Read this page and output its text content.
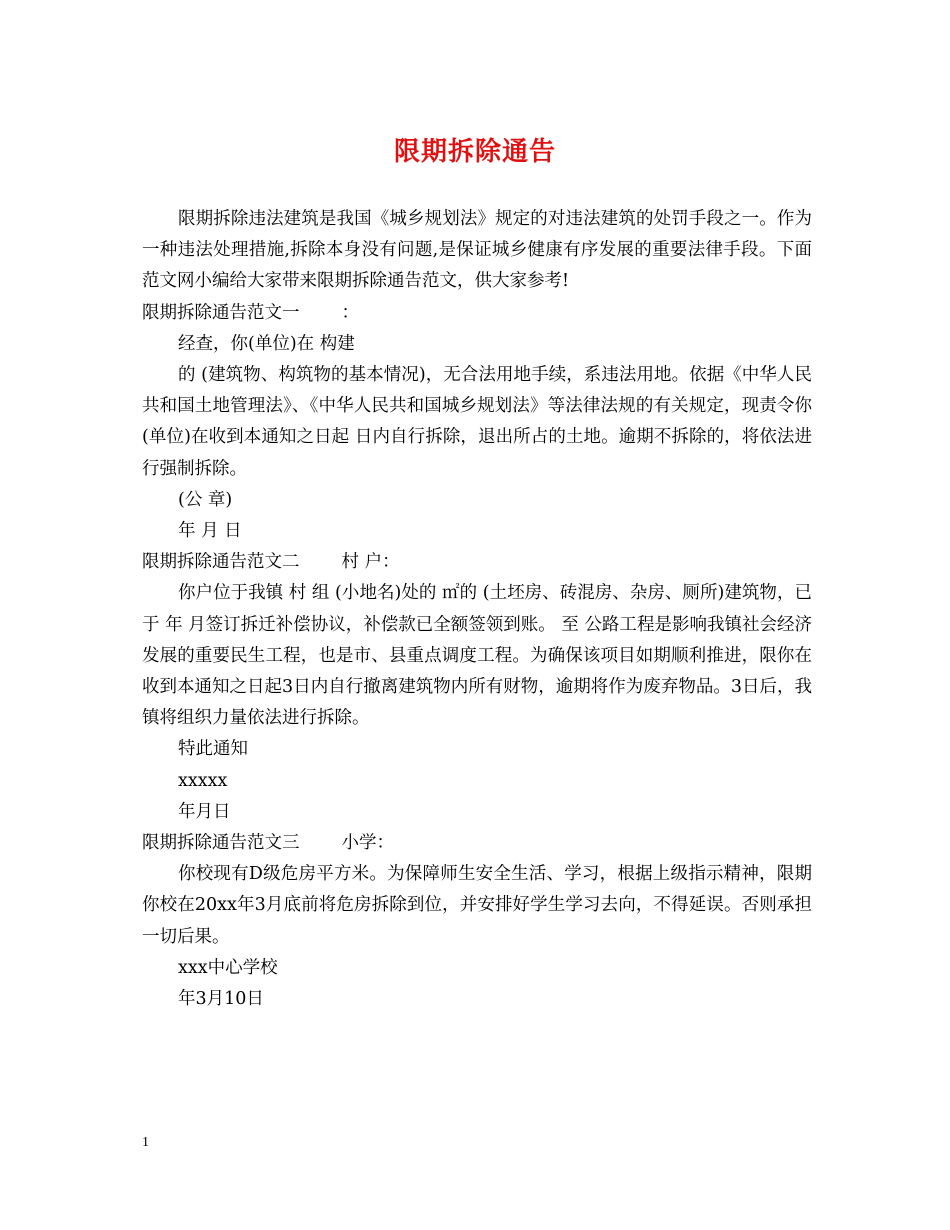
限期拆除通告

限期拆除违法建筑是我国《城乡规划法》规定的对违法建筑的处罚手段之一。作为一种违法处理措施,拆除本身没有问题,是保证城乡健康有序发展的重要法律手段。下面范文网小编给大家带来限期拆除通告范文，供大家参考!

限期拆除通告范文一 ：

经查，你(单位)在 构建

的 (建筑物、构筑物的基本情况)，无合法用地手续，系违法用地。依据《中华人民共和国土地管理法》、《中华人民共和国城乡规划法》等法律法规的有关规定，现责令你(单位)在收到本通知之日起 日内自行拆除，退出所占的土地。逾期不拆除的，将依法进行强制拆除。

(公 章)

年 月 日

限期拆除通告范文二 村 户：

你户位于我镇 村 组 (小地名)处的 ㎡的 (土坯房、砖混房、杂房、厕所)建筑物，已于 年 月签订拆迁补偿协议，补偿款已全额签领到账。 至 公路工程是影响我镇社会经济发展的重要民生工程，也是市、县重点调度工程。为确保该项目如期顺利推进，限你在收到本通知之日起3日内自行撤离建筑物内所有财物，逾期将作为废弃物品。3日后，我镇将组织力量依法进行拆除。

特此通知

xxxxx

年月日

限期拆除通告范文三 小学：

你校现有D级危房平方米。为保障师生安全生活、学习，根据上级指示精神，限期你校在20xx年3月底前将危房拆除到位，并安排好学生学习去向，不得延误。否则承担一切后果。

xxx中心学校

年3月10日

1
